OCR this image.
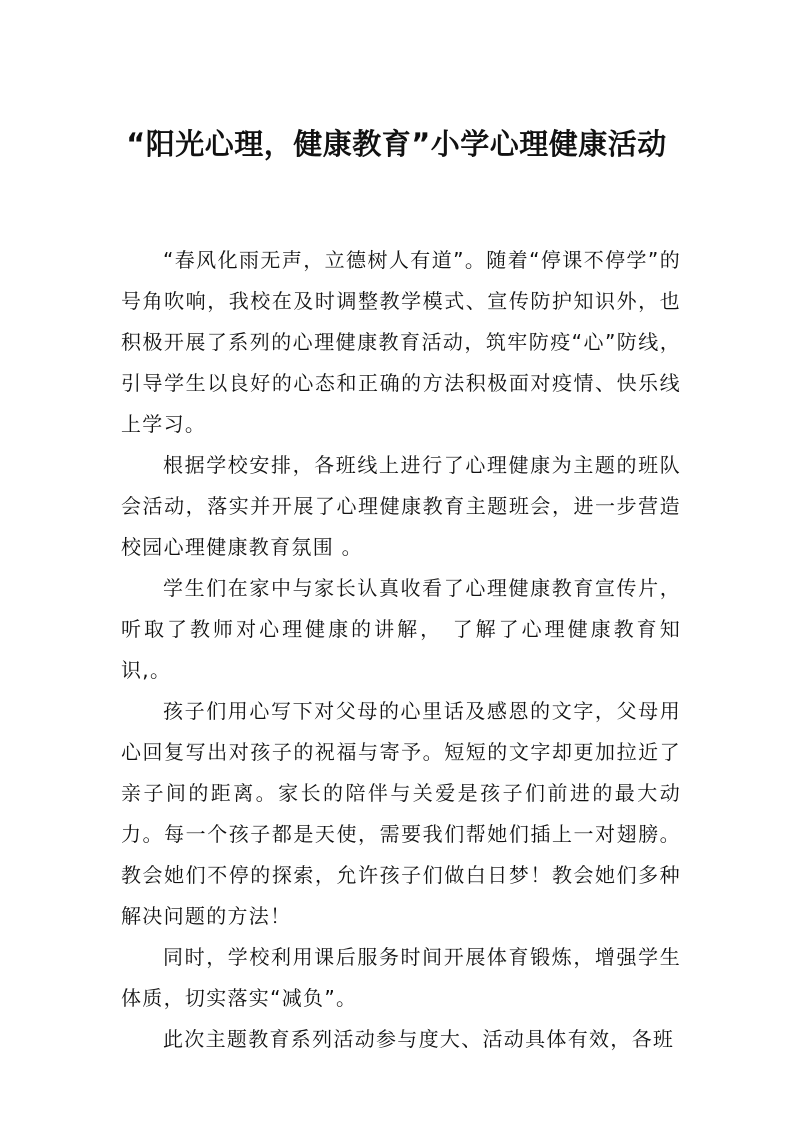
“阳光心理，健康教育”小学心理健康活动

“春风化雨无声，立德树人有道”。随着“停课不停学”的号角吹响，我校在及时调整教学模式、宣传防护知识外，也积极开展了系列的心理健康教育活动，筑牢防疫“心”防线，引导学生以良好的心态和正确的方法积极面对疫情、快乐线上学习。

根据学校安排，各班线上进行了心理健康为主题的班队会活动，落实并开展了心理健康教育主题班会，进一步营造校园心理健康教育氛围 。

学生们在家中与家长认真收看了心理健康教育宣传片，听取了教师对心理健康的讲解， 了解了心理健康教育知识,。

孩子们用心写下对父母的心里话及感恩的文字，父母用心回复写出对孩子的祝福与寄予。短短的文字却更加拉近了亲子间的距离。家长的陪伴与关爱是孩子们前进的最大动力。每一个孩子都是天使，需要我们帮她们插上一对翅膀。教会她们不停的探索，允许孩子们做白日梦！教会她们多种解决问题的方法！

同时，学校利用课后服务时间开展体育锻炼，增强学生体质，切实落实“减负”。

此次主题教育系列活动参与度大、活动具体有效，各班
